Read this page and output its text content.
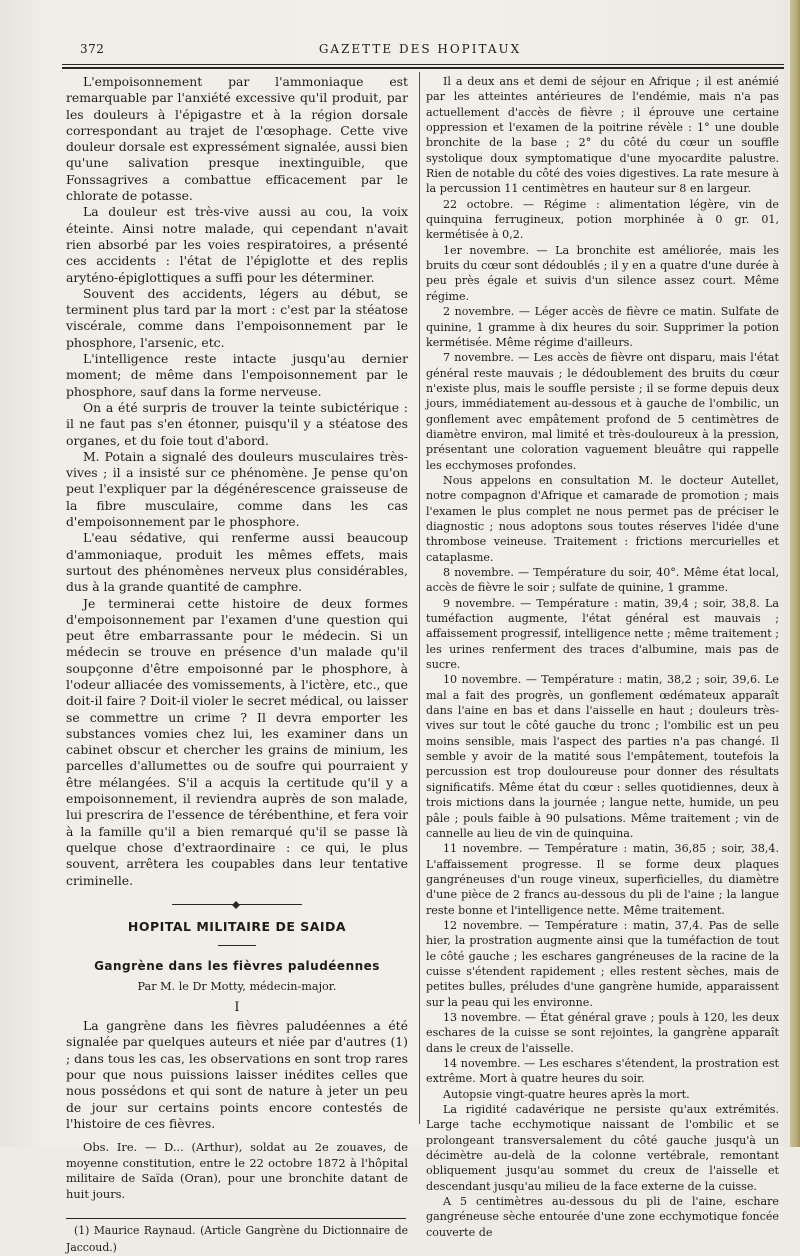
372	GAZETTE DES HOPITAUX

L'empoisonnement par l'ammoniaque est remarquable par l'anxiété excessive qu'il produit, par les douleurs à l'épigastre et à la région dorsale correspondant au trajet de l'œsophage. Cette vive douleur dorsale est expressément signalée, aussi bien qu'une salivation presque inextinguible, que Fonssagrives a combattue efficacement par le chlorate de potasse.

La douleur est très-vive aussi au cou, la voix éteinte. Ainsi notre malade, qui cependant n'avait rien absorbé par les voies respiratoires, a présenté ces accidents : l'état de l'épiglotte et des replis aryténo-épiglottiques a suffi pour les déterminer.

Souvent des accidents, légers au début, se terminent plus tard par la mort : c'est par la stéatose viscérale, comme dans l'empoisonnement par le phosphore, l'arsenic, etc.

L'intelligence reste intacte jusqu'au dernier moment; de même dans l'empoisonnement par le phosphore, sauf dans la forme nerveuse.

On a été surpris de trouver la teinte subictérique : il ne faut pas s'en étonner, puisqu'il y a stéatose des organes, et du foie tout d'abord.

M. Potain a signalé des douleurs musculaires très-vives ; il a insisté sur ce phénomène. Je pense qu'on peut l'expliquer par la dégénérescence graisseuse de la fibre musculaire, comme dans les cas d'empoisonnement par le phosphore.

L'eau sédative, qui renferme aussi beaucoup d'ammoniaque, produit les mêmes effets, mais surtout des phénomènes nerveux plus considérables, dus à la grande quantité de camphre.

Je terminerai cette histoire de deux formes d'empoisonnement par l'examen d'une question qui peut être embarrassante pour le médecin. Si un médecin se trouve en présence d'un malade qu'il soupçonne d'être empoisonné par le phosphore, à l'odeur alliacée des vomissements, à l'ictère, etc., que doit-il faire ? Doit-il violer le secret médical, ou laisser se commettre un crime ? Il devra emporter les substances vomies chez lui, les examiner dans un cabinet obscur et chercher les grains de minium, les parcelles d'allumettes ou de soufre qui pourraient y être mélangées. S'il a acquis la certitude qu'il y a empoisonnement, il reviendra auprès de son malade, lui prescrira de l'essence de térébenthine, et fera voir à la famille qu'il a bien remarqué qu'il se passe là quelque chose d'extraordinaire : ce qui, le plus souvent, arrêtera les coupables dans leur tentative criminelle.

HOPITAL MILITAIRE DE SAIDA
Gangrène dans les fièvres paludéennes
Par M. le Dr Motty, médecin-major.
I

La gangrène dans les fièvres paludéennes a été signalée par quelques auteurs et niée par d'autres (1) ; dans tous les cas, les observations en sont trop rares pour que nous puissions laisser inédites celles que nous possédons et qui sont de nature à jeter un peu de jour sur certains points encore contestés de l'histoire de ces fièvres.

Obs. Ire. — D... (Arthur), soldat au 2e zouaves, de moyenne constitution, entre le 22 octobre 1872 à l'hôpital militaire de Saïda (Oran), pour une bronchite datant de huit jours.

(1) Maurice Raynaud. (Article Gangrène du Dictionnaire de Jaccoud.)

Il a deux ans et demi de séjour en Afrique ; il est anémié par les atteintes antérieures de l'endémie, mais n'a pas actuellement d'accès de fièvre ; il éprouve une certaine oppression et l'examen de la poitrine révèle : 1° une double bronchite de la base ; 2° du côté du cœur un souffle systolique doux symptomatique d'une myocardite palustre. Rien de notable du côté des voies digestives. La rate mesure à la percussion 11 centimètres en hauteur sur 8 en largeur.

22 octobre. — Régime : alimentation légère, vin de quinquina ferrugineux, potion morphinée à 0 gr. 01, kermétisée à 0,2.

1er novembre. — La bronchite est améliorée, mais les bruits du cœur sont dédoublés ; il y en a quatre d'une durée à peu près égale et suivis d'un silence assez court. Même régime.

2 novembre. — Léger accès de fièvre ce matin. Sulfate de quinine, 1 gramme à dix heures du soir. Supprimer la potion kermétisée. Même régime d'ailleurs.

7 novembre. — Les accès de fièvre ont disparu, mais l'état général reste mauvais ; le dédoublement des bruits du cœur n'existe plus, mais le souffle persiste ; il se forme depuis deux jours, immédiatement au-dessous et à gauche de l'ombilic, un gonflement avec empâtement profond de 5 centimètres de diamètre environ, mal limité et très-douloureux à la pression, présentant une coloration vaguement bleuâtre qui rappelle les ecchymoses profondes.

Nous appelons en consultation M. le docteur Autellet, notre compagnon d'Afrique et camarade de promotion ; mais l'examen le plus complet ne nous permet pas de préciser le diagnostic ; nous adoptons sous toutes réserves l'idée d'une thrombose veineuse. Traitement : frictions mercurielles et cataplasme.

8 novembre. — Température du soir, 40°. Même état local, accès de fièvre le soir ; sulfate de quinine, 1 gramme.

9 novembre. — Température : matin, 39,4 ; soir, 38,8. La tuméfaction augmente, l'état général est mauvais ; affaissement progressif, intelligence nette ; même traitement ; les urines renferment des traces d'albumine, mais pas de sucre.

10 novembre. — Température : matin, 38,2 ; soir, 39,6. Le mal a fait des progrès, un gonflement œdémateux apparaît dans l'aine en bas et dans l'aisselle en haut ; douleurs très-vives sur tout le côté gauche du tronc ; l'ombilic est un peu moins sensible, mais l'aspect des parties n'a pas changé. Il semble y avoir de la matité sous l'empâtement, toutefois la percussion est trop douloureuse pour donner des résultats significatifs. Même état du cœur : selles quotidiennes, deux à trois mictions dans la journée ; langue nette, humide, un peu pâle ; pouls faible à 90 pulsations. Même traitement ; vin de cannelle au lieu de vin de quinquina.

11 novembre. — Température : matin, 36,85 ; soir, 38,4. L'affaissement progresse. Il se forme deux plaques gangréneuses d'un rouge vineux, superficielles, du diamètre d'une pièce de 2 francs au-dessous du pli de l'aine ; la langue reste bonne et l'intelligence nette. Même traitement.

12 novembre. — Température : matin, 37,4. Pas de selle hier, la prostration augmente ainsi que la tuméfaction de tout le côté gauche ; les eschares gangréneuses de la racine de la cuisse s'étendent rapidement ; elles restent sèches, mais de petites bulles, préludes d'une gangrène humide, apparaissent sur la peau qui les environne.

13 novembre. — État général grave ; pouls à 120, les deux eschares de la cuisse se sont rejointes, la gangrène apparaît dans le creux de l'aisselle.

14 novembre. — Les eschares s'étendent, la prostration est extrême. Mort à quatre heures du soir.

Autopsie vingt-quatre heures après la mort.

La rigidité cadavérique ne persiste qu'aux extrémités. Large tache ecchymotique naissant de l'ombilic et se prolongeant transversalement du côté gauche jusqu'à un décimètre au-delà de la colonne vertébrale, remontant obliquement jusqu'au sommet du creux de l'aisselle et descendant jusqu'au milieu de la face externe de la cuisse.

A 5 centimètres au-dessous du pli de l'aine, eschare gangréneuse sèche entourée d'une zone ecchymotique foncée couverte de
